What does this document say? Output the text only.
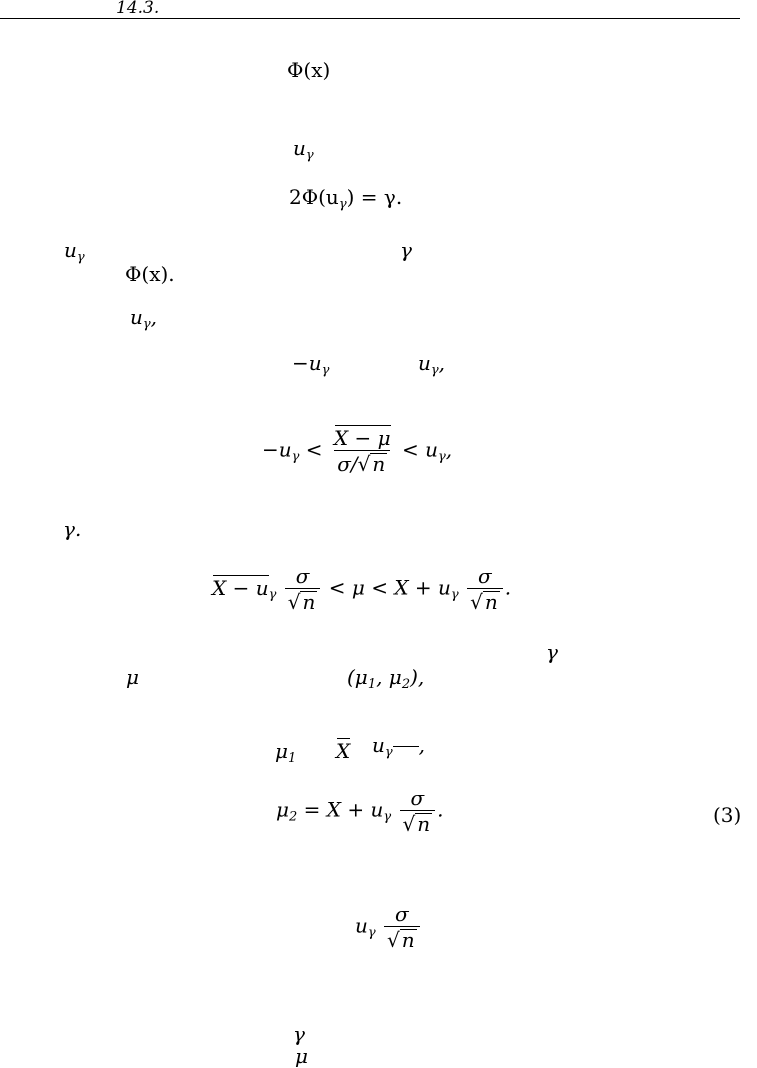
14.3.
Φ(x)
$u_\gamma$
$2\Phi(u_\gamma) = \gamma$.
$u_\gamma$	γ
Φ(x).
$u_\gamma$,
$-u_\gamma$	$u_\gamma$,
$-u_\gamma < \frac{X - \mu}{\sigma/ √ n} < u_\gamma$,
γ.
$X - u_\gamma \frac{\sigma}{√ n} < \mu < X + u_\gamma \frac{\sigma}{√ n}$ .
γ
μ	($\mu_1$, $\mu_2$),
$\mu_1$ X $u_\gamma$ ,
$\mu_2 = X + u_\gamma \frac{\sigma}{√ n}$ .	(3)
$u_\gamma \frac{\sigma}{√ n}$
γ
μ
